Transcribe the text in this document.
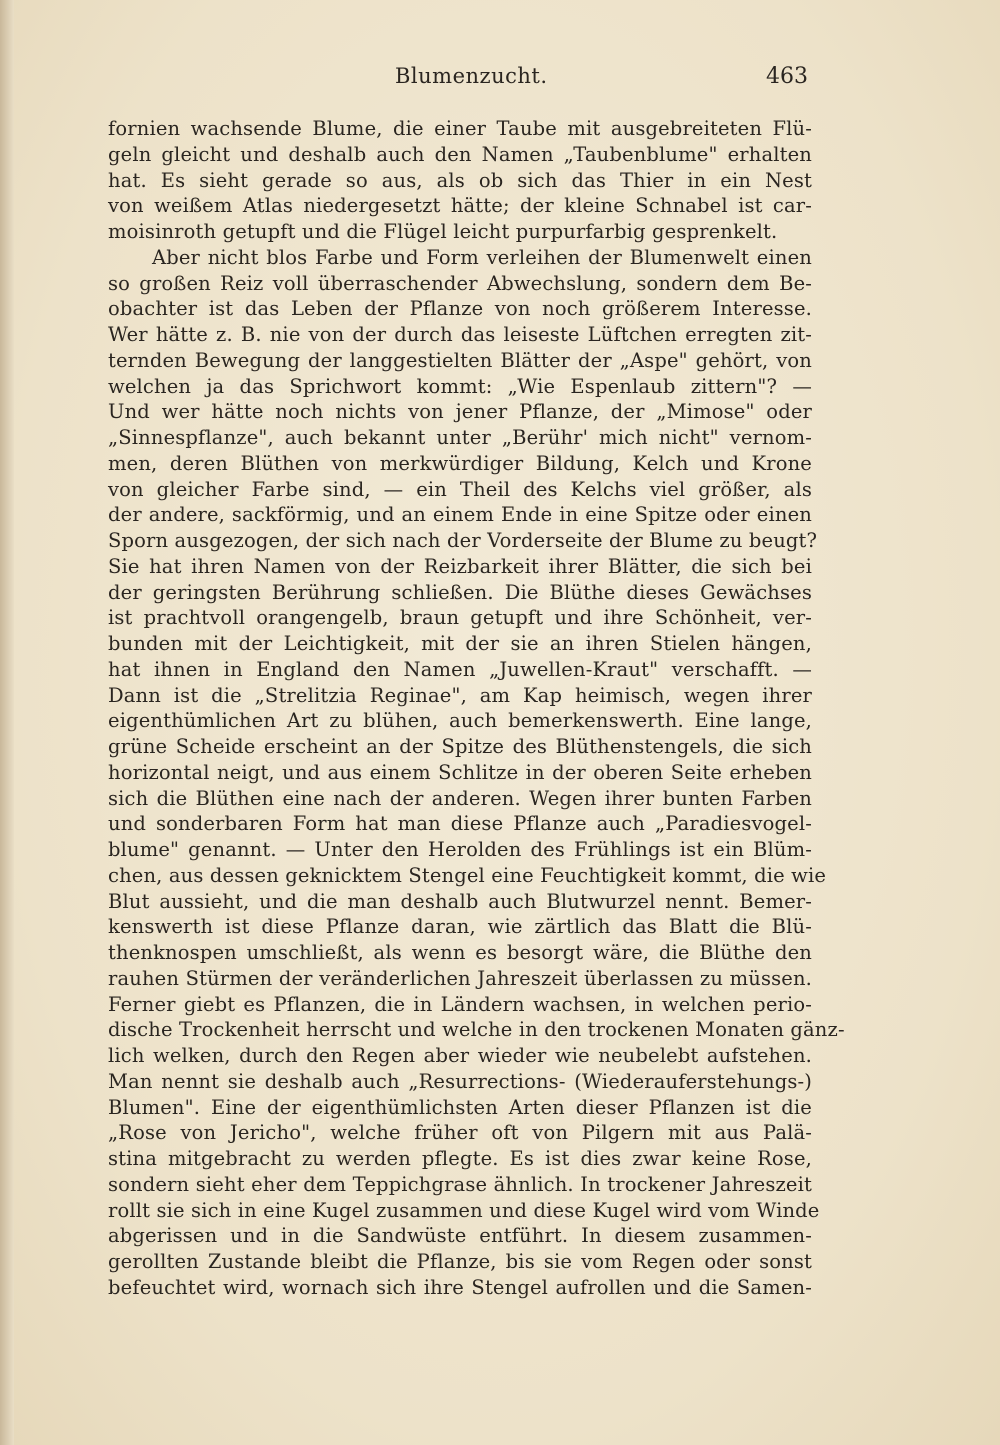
Blumenzucht.	463
fornien wachsende Blume, die einer Taube mit ausgebreiteten Flü-
geln gleicht und deshalb auch den Namen „Taubenblume" erhalten
hat. Es sieht gerade so aus, als ob sich das Thier in ein Nest
von weißem Atlas niedergesetzt hätte; der kleine Schnabel ist car-
moisinroth getupft und die Flügel leicht purpurfarbig gesprenkelt.
Aber nicht blos Farbe und Form verleihen der Blumenwelt einen
so großen Reiz voll überraschender Abwechslung, sondern dem Be-
obachter ist das Leben der Pflanze von noch größerem Interesse.
Wer hätte z. B. nie von der durch das leiseste Lüftchen erregten zit-
ternden Bewegung der langgestielten Blätter der „Aspe" gehört, von
welchen ja das Sprichwort kommt: „Wie Espenlaub zittern"? —
Und wer hätte noch nichts von jener Pflanze, der „Mimose" oder
„Sinnespflanze", auch bekannt unter „Berühr' mich nicht" vernom-
men, deren Blüthen von merkwürdiger Bildung, Kelch und Krone
von gleicher Farbe sind, — ein Theil des Kelchs viel größer, als
der andere, sackförmig, und an einem Ende in eine Spitze oder einen
Sporn ausgezogen, der sich nach der Vorderseite der Blume zu beugt?
Sie hat ihren Namen von der Reizbarkeit ihrer Blätter, die sich bei
der geringsten Berührung schließen. Die Blüthe dieses Gewächses
ist prachtvoll orangengelb, braun getupft und ihre Schönheit, ver-
bunden mit der Leichtigkeit, mit der sie an ihren Stielen hängen,
hat ihnen in England den Namen „Juwellen-Kraut" verschafft. —
Dann ist die „Strelitzia Reginae", am Kap heimisch, wegen ihrer
eigenthümlichen Art zu blühen, auch bemerkenswerth. Eine lange,
grüne Scheide erscheint an der Spitze des Blüthenstengels, die sich
horizontal neigt, und aus einem Schlitze in der oberen Seite erheben
sich die Blüthen eine nach der anderen. Wegen ihrer bunten Farben
und sonderbaren Form hat man diese Pflanze auch „Paradiesvogel-
blume" genannt. — Unter den Herolden des Frühlings ist ein Blüm-
chen, aus dessen geknicktem Stengel eine Feuchtigkeit kommt, die wie
Blut aussieht, und die man deshalb auch Blutwurzel nennt. Bemer-
kenswerth ist diese Pflanze daran, wie zärtlich das Blatt die Blü-
thenknospen umschließt, als wenn es besorgt wäre, die Blüthe den
rauhen Stürmen der veränderlichen Jahreszeit überlassen zu müssen.
Ferner giebt es Pflanzen, die in Ländern wachsen, in welchen perio-
dische Trockenheit herrscht und welche in den trockenen Monaten gänz-
lich welken, durch den Regen aber wieder wie neubelebt aufstehen.
Man nennt sie deshalb auch „Resurrections- (Wiederauferstehungs-)
Blumen". Eine der eigenthümlichsten Arten dieser Pflanzen ist die
„Rose von Jericho", welche früher oft von Pilgern mit aus Palä-
stina mitgebracht zu werden pflegte. Es ist dies zwar keine Rose,
sondern sieht eher dem Teppichgrase ähnlich. In trockener Jahreszeit
rollt sie sich in eine Kugel zusammen und diese Kugel wird vom Winde
abgerissen und in die Sandwüste entführt. In diesem zusammen-
gerollten Zustande bleibt die Pflanze, bis sie vom Regen oder sonst
befeuchtet wird, wornach sich ihre Stengel aufrollen und die Samen-
